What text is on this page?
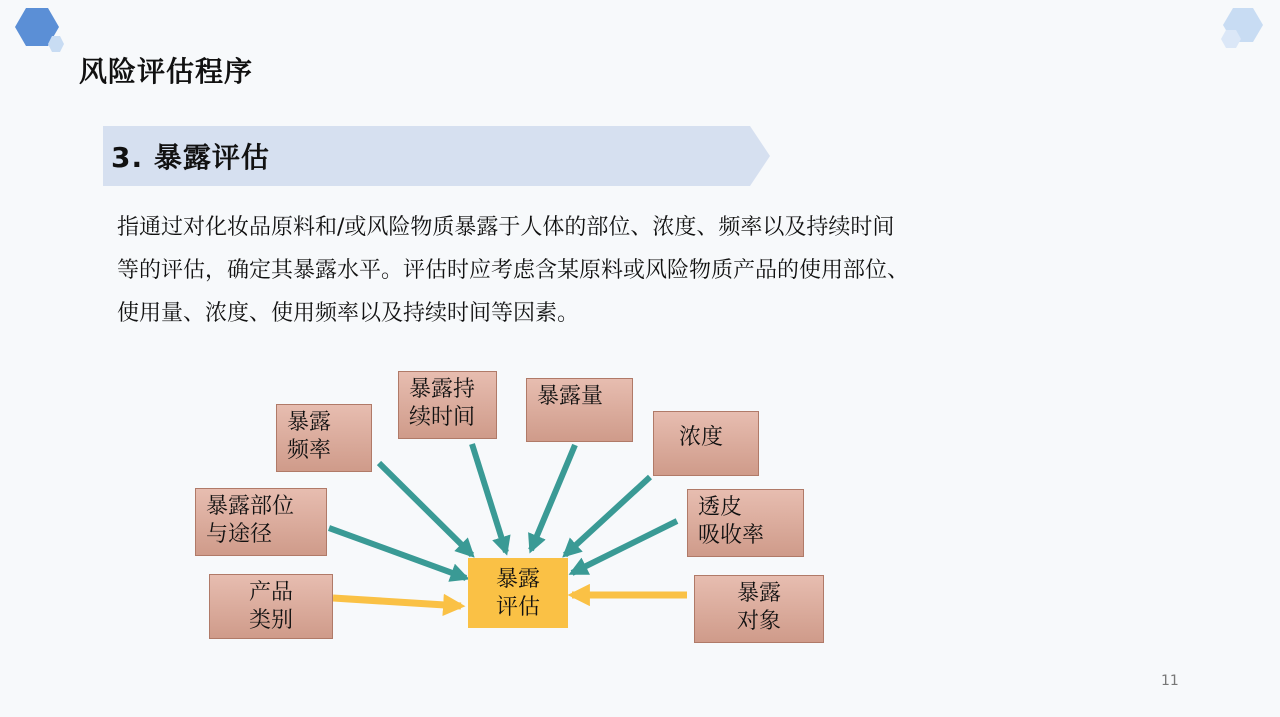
风险评估程序
3. 暴露评估
指通过对化妆品原料和/或风险物质暴露于人体的部位、浓度、频率以及持续时间
等的评估，确定其暴露水平。评估时应考虑含某原料或风险物质产品的使用部位、
使用量、浓度、使用频率以及持续时间等因素。
暴露
频率
暴露持
续时间
暴露量
浓度
暴露部位
与途径
透皮
吸收率
产品
类别
暴露
对象
暴露
评估
11
